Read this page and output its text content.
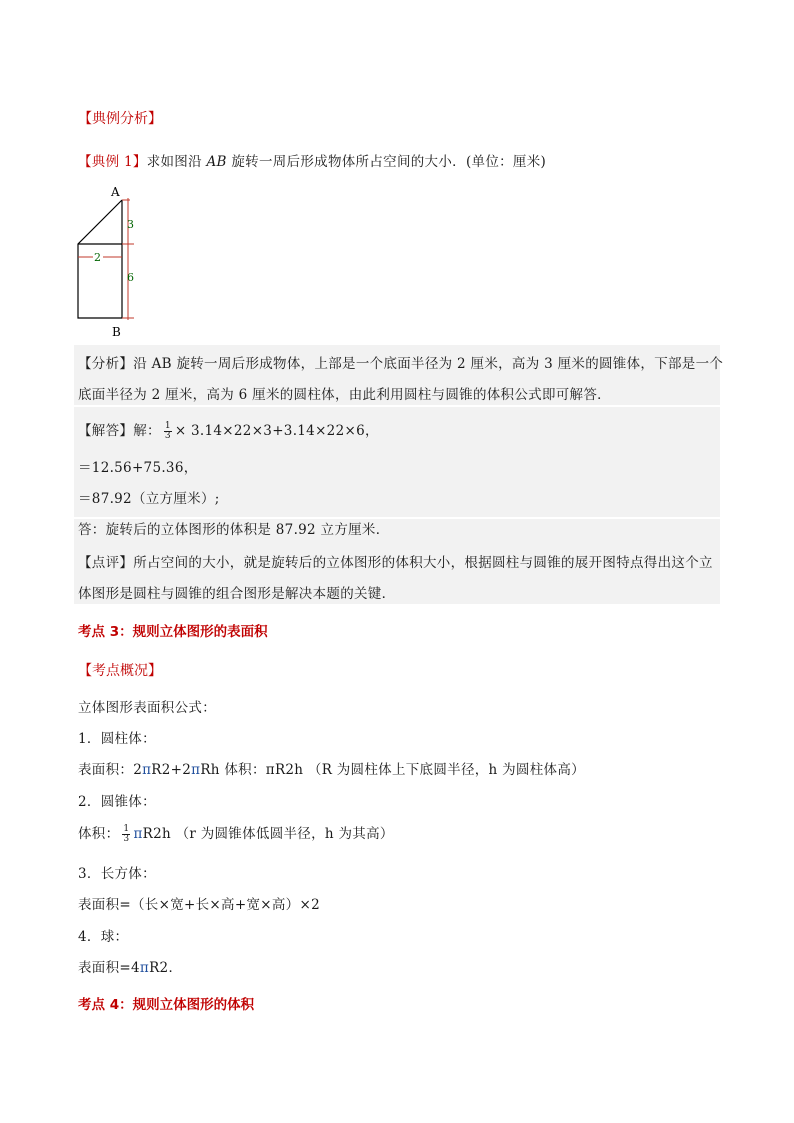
【典例分析】
【典例 1】求如图沿 AB 旋转一周后形成物体所占空间的大小．(单位：厘米)
A
B
3
6
2
【分析】沿 AB 旋转一周后形成物体，上部是一个底面半径为 2 厘米，高为 3 厘米的圆锥体，下部是一个
底面半径为 2 厘米，高为 6 厘米的圆柱体，由此利用圆柱与圆锥的体积公式即可解答．
【解答】解： $\frac{1}{3} \times 3.14\times 22\times 3+3.14\times 22\times 6$，
＝12.56+75.36，
＝87.92（立方厘米）;
答：旋转后的立体图形的体积是 87.92 立方厘米．
【点评】所占空间的大小，就是旋转后的立体图形的体积大小，根据圆柱与圆锥的展开图特点得出这个立
体图形是圆柱与圆锥的组合图形是解决本题的关键．
考点 3：规则立体图形的表面积
【考点概况】
立体图形表面积公式：
1．圆柱体：
表面积：2πR2+2πRh 体积：πR2h （R 为圆柱体上下底圆半径，h 为圆柱体高）
2．圆锥体：
体积： $\frac{1}{3} \pi R2h$ （r 为圆锥体低圆半径，h 为其高）
3．长方体：
表面积=（长×宽+长×高+宽×高）×2
4．球：
表面积=4πR2．
考点 4：规则立体图形的体积
